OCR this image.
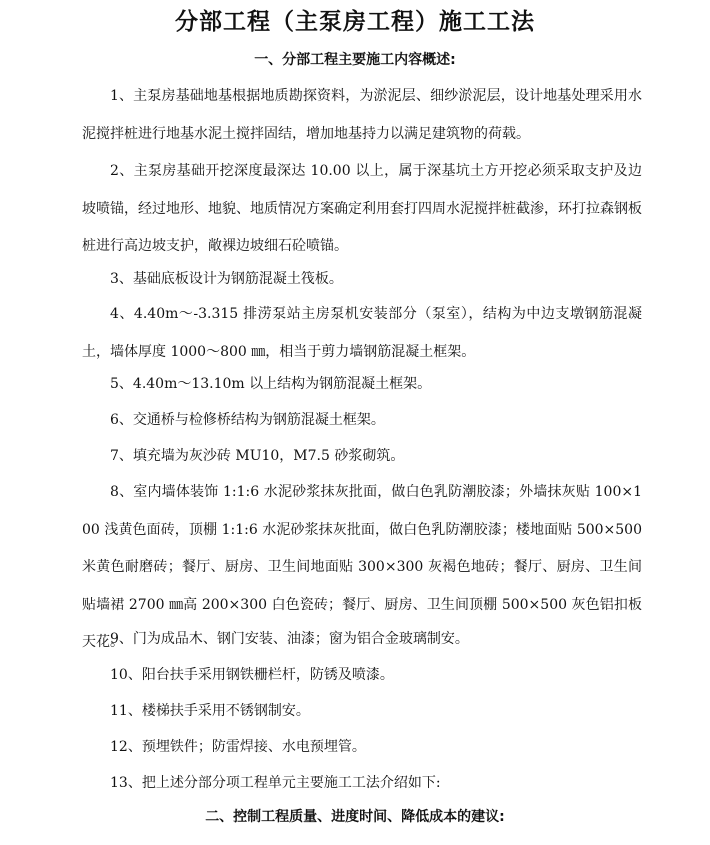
分部工程（主泵房工程）施工工法
一、分部工程主要施工内容概述:

1、主泵房基础地基根据地质勘探资料，为淤泥层、细纱淤泥层，设计地基处理采用水泥搅拌桩进行地基水泥土搅拌固结，增加地基持力以满足建筑物的荷载。

2、主泵房基础开挖深度最深达 10.00 以上，属于深基坑土方开挖必须采取支护及边坡喷锚，经过地形、地貌、地质情况方案确定利用套打四周水泥搅拌桩截渗，环打拉森钢板桩进行高边坡支护，敞裸边坡细石砼喷锚。

3、基础底板设计为钢筋混凝土筏板。

4、4.40m～-3.315 排涝泵站主房泵机安装部分（泵室），结构为中边支墩钢筋混凝土，墙体厚度 1000～800 ㎜，相当于剪力墙钢筋混凝土框架。

5、4.40m～13.10m 以上结构为钢筋混凝土框架。

6、交通桥与检修桥结构为钢筋混凝土框架。

7、填充墙为灰沙砖 MU10，M7.5 砂浆砌筑。

8、室内墙体装饰 1:1:6 水泥砂浆抹灰批面，做白色乳防潮胶漆；外墙抹灰贴 100×100 浅黄色面砖，顶棚 1:1:6 水泥砂浆抹灰批面，做白色乳防潮胶漆；楼地面贴 500×500 米黄色耐磨砖；餐厅、厨房、卫生间地面贴 300×300 灰褐色地砖；餐厅、厨房、卫生间贴墙裙 2700 ㎜高 200×300 白色瓷砖；餐厅、厨房、卫生间顶棚 500×500 灰色铝扣板天花。

9、门为成品木、钢门安装、油漆；窗为铝合金玻璃制安。

10、阳台扶手采用钢铁栅栏杆，防锈及喷漆。

11、楼梯扶手采用不锈钢制安。

12、预埋铁件；防雷焊接、水电预埋管。

13、把上述分部分项工程单元主要施工工法介绍如下:

二、控制工程质量、进度时间、降低成本的建议:
